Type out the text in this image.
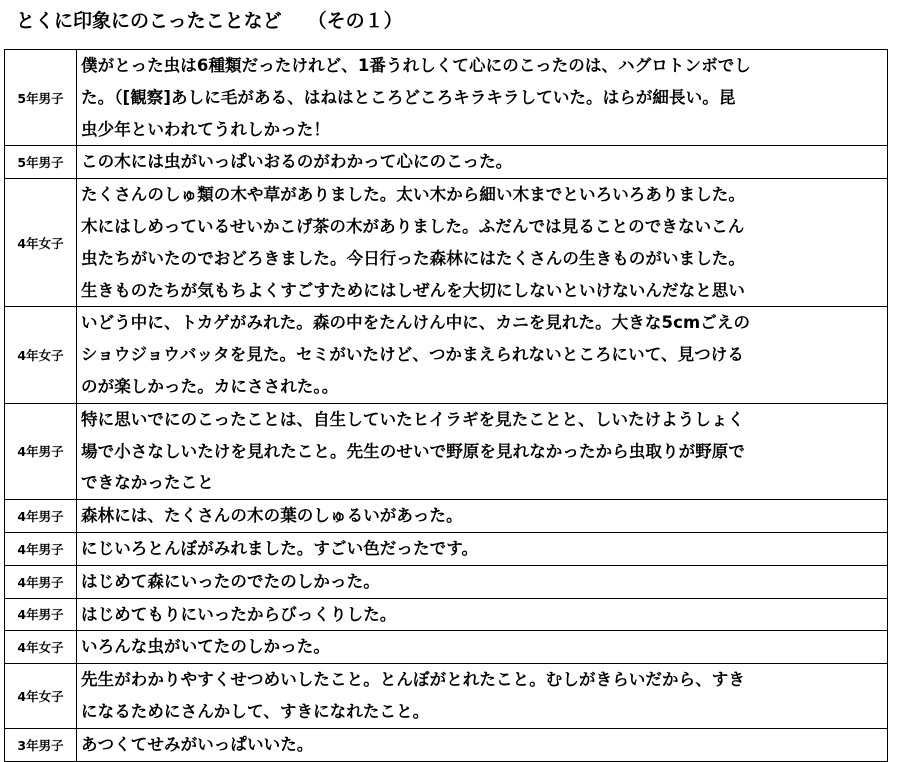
とくに印象にのこったことなど （その１）
5年男子	僕がとった虫は6種類だったけれど、1番うれしくて心にのこったのは、ハグロトンボでし
た。（[観察]あしに毛がある、はねはところどころキラキラしていた。はらが細長い。昆
虫少年といわれてうれしかった！

5年男子	この木には虫がいっぱいおるのがわかって心にのこった。

4年女子	たくさんのしゅ類の木や草がありました。太い木から細い木までといろいろありました。
木にはしめっているせいかこげ茶の木がありました。ふだんでは見ることのできないこん
虫たちがいたのでおどろきました。今日行った森林にはたくさんの生きものがいました。
生きものたちが気もちよくすごすためにはしぜんを大切にしないといけないんだなと思い

4年女子	いどう中に、トカゲがみれた。森の中をたんけん中に、カニを見れた。大きな5cmごえの
ショウジョウバッタを見た。セミがいたけど、つかまえられないところにいて、見つける
のが楽しかった。カにさされた。。

4年男子	特に思いでにのこったことは、自生していたヒイラギを見たことと、しいたけようしょく
場で小さなしいたけを見れたこと。先生のせいで野原を見れなかったから虫取りが野原で
できなかったこと

4年男子	森林には、たくさんの木の葉のしゅるいがあった。

4年男子	にじいろとんぼがみれました。すごい色だったです。

4年男子	はじめて森にいったのでたのしかった。

4年男子	はじめてもりにいったからびっくりした。

4年女子	いろんな虫がいてたのしかった。

4年女子	先生がわかりやすくせつめいしたこと。とんぼがとれたこと。むしがきらいだから、すき
になるためにさんかして、すきになれたこと。

3年男子	あつくてせみがいっぱいいた。
